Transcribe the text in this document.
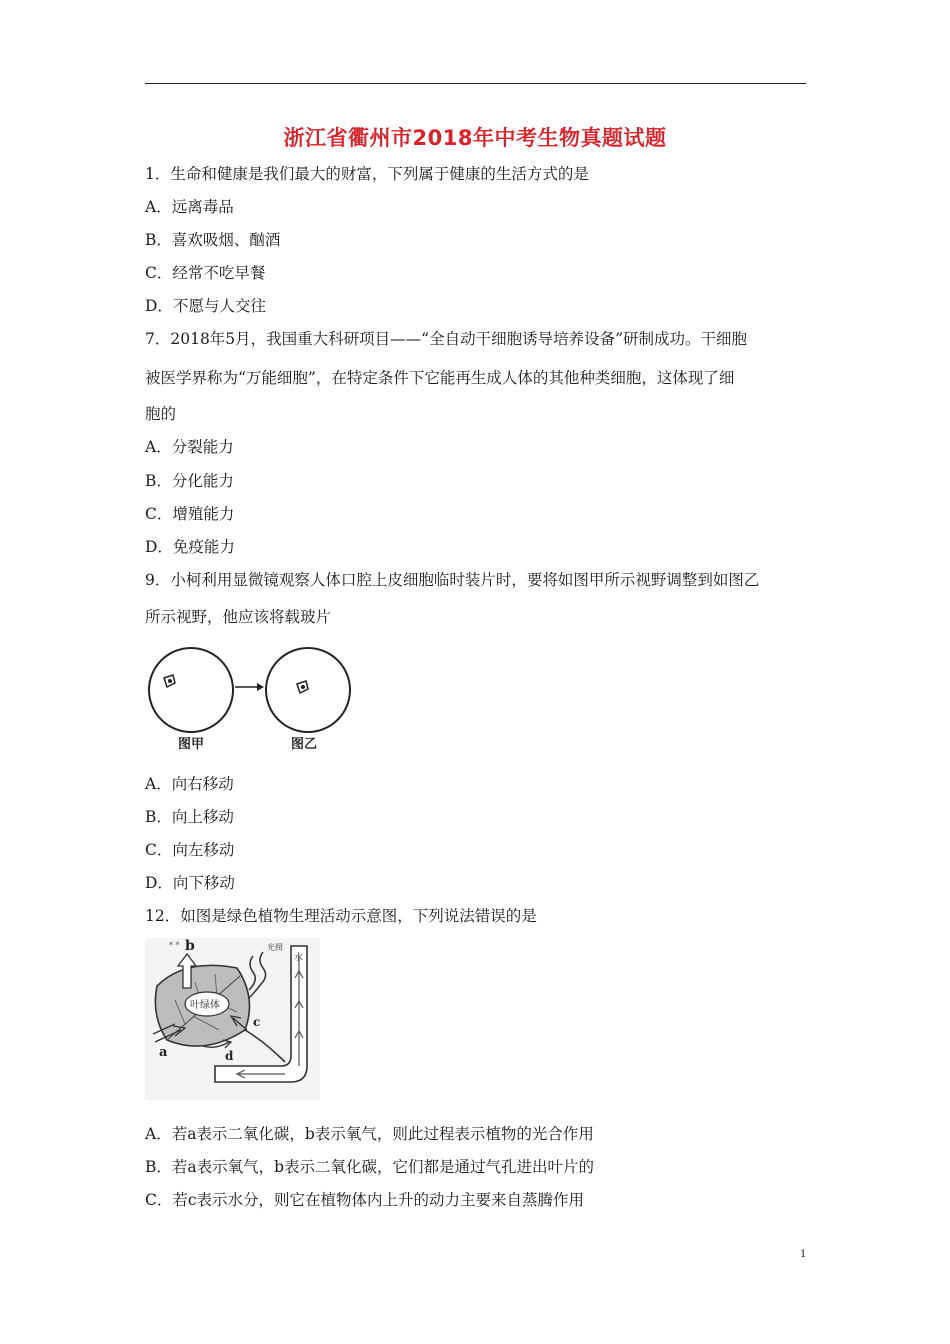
浙江省衢州市2018年中考生物真题试题
1．生命和健康是我们最大的财富，下列属于健康的生活方式的是
A．远离毒品
B．喜欢吸烟、酗酒
C．经常不吃早餐
D．不愿与人交往
7．2018年5月，我国重大科研项目——“全自动干细胞诱导培养设备”研制成功。干细胞
被医学界称为“万能细胞”，在特定条件下它能再生成人体的其他种类细胞，这体现了细
胞的
A．分裂能力
B．分化能力
C．增殖能力
D．免疫能力
9．小柯利用显微镜观察人体口腔上皮细胞临时装片时，要将如图甲所示视野调整到如图乙
所示视野，他应该将载玻片
图甲	图乙
A．向右移动
B．向上移动
C．向左移动
D．向下移动
12．如图是绿色植物生理活动示意图，下列说法错误的是
水
叶绿体
光照
b
* *
a
c
d
A．若a表示二氧化碳，b表示氧气，则此过程表示植物的光合作用
B．若a表示氧气，b表示二氧化碳，它们都是通过气孔进出叶片的
C．若c表示水分，则它在植物体内上升的动力主要来自蒸腾作用
1
